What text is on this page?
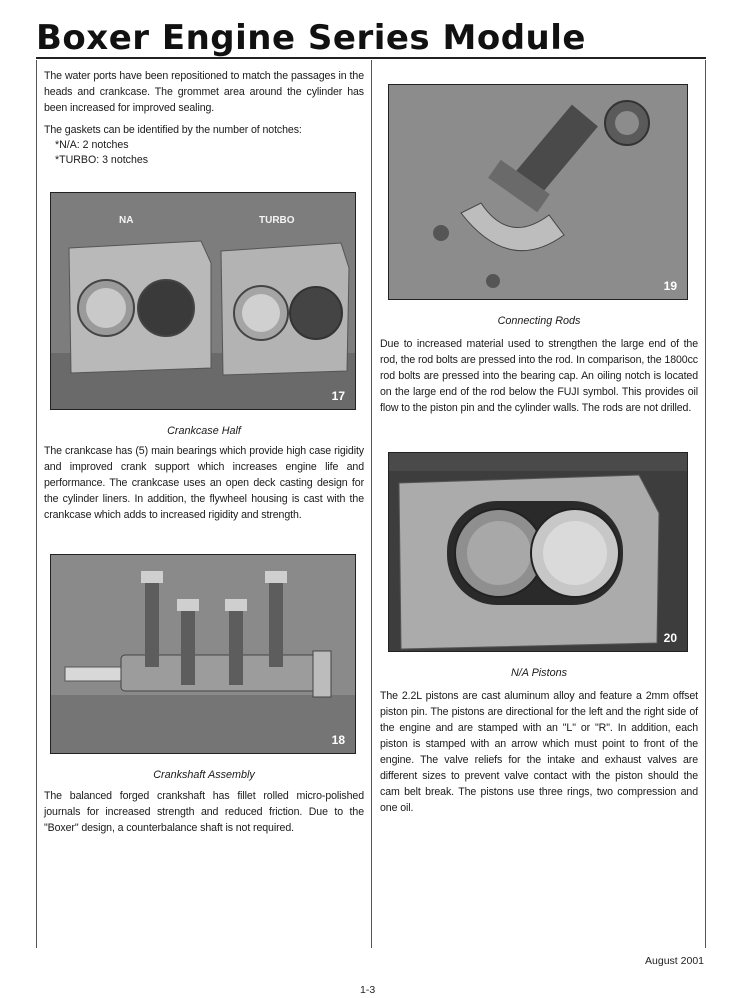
Boxer Engine Series Module

The water ports have been repositioned to match the passages in the heads and crankcase. The grommet area around the cylinder has been increased for improved sealing.

The gaskets can be identified by the number of notches:

*N/A: 2 notches
*TURBO: 3 notches
NA	TURBO
17

Crankcase Half

The crankcase has (5) main bearings which provide high case rigidity and improved crank support which increases engine life and performance. The crankcase uses an open deck casting design for the cylinder liners. In addition, the flywheel housing is cast with the crankcase which adds to increased rigidity and strength.

18

Crankshaft Assembly

The balanced forged crankshaft has fillet rolled micro-polished journals for increased strength and reduced friction. Due to the "Boxer" design, a counterbalance shaft is not required.

19

Connecting Rods

Due to increased material used to strengthen the large end of the rod, the rod bolts are pressed into the rod. In comparison, the 1800cc rod bolts are pressed into the bearing cap. An oiling notch is located on the large end of the rod below the FUJI symbol. This provides oil flow to the piston pin and the cylinder walls. The rods are not drilled.

20

N/A Pistons

The 2.2L pistons are cast aluminum alloy and feature a 2mm offset piston pin. The pistons are directional for the left and the right side of the engine and are stamped with an "L" or "R". In addition, each piston is stamped with an arrow which must point to front of the engine. The valve reliefs for the intake and exhaust valves are different sizes to prevent valve contact with the piston should the cam belt break. The pistons use three rings, two compression and one oil.

August 2001
1-3
